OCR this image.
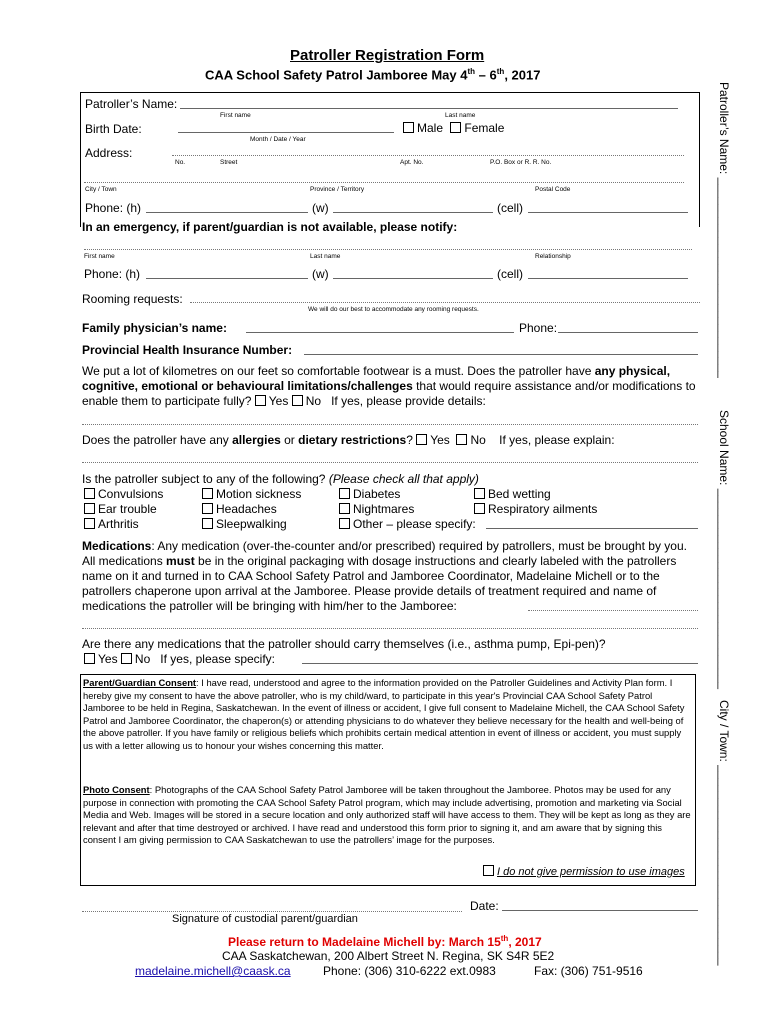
Patroller Registration Form
CAA School Safety Patrol Jamboree May 4th – 6th, 2017
Patroller’s Name: ______________________________
School Name: ______________________________
City / Town: ______________________________
Patroller’s Name:
First name	Last name
Birth Date:	Male Female
Month / Date / Year
Address:
No.	Street	Apt. No.	P.O. Box or R. R. No.
City / Town	Province / Territory	Postal Code
Phone: (h)	(w)	(cell)
In an emergency, if parent/guardian is not available, please notify:
First name	Last name	Relationship
Phone: (h)	(w)	(cell)
Rooming requests:
We will do our best to accommodate any rooming requests.
Family physician’s name:	Phone:
Provincial Health Insurance Number:
We put a lot of kilometres on our feet so comfortable footwear is a must. Does the patroller have any physical, cognitive, emotional or behavioural limitations/challenges that would require assistance and/or modifications to enable them to participate fully? Yes No If yes, please provide details:
Does the patroller have any allergies or dietary restrictions? Yes No If yes, please explain:
Is the patroller subject to any of the following? (Please check all that apply)
Convulsions	Motion sickness	Diabetes	Bed wetting
Ear trouble	Headaches	Nightmares	Respiratory ailments
Arthritis	Sleepwalking	Other – please specify:
Medications: Any medication (over-the-counter and/or prescribed) required by patrollers, must be brought by you. All medications must be in the original packaging with dosage instructions and clearly labeled with the patrollers name on it and turned in to CAA School Safety Patrol and Jamboree Coordinator, Madelaine Michell or to the patrollers chaperone upon arrival at the Jamboree. Please provide details of treatment required and name of medications the patroller will be bringing with him/her to the Jamboree:
Are there any medications that the patroller should carry themselves (i.e., asthma pump, Epi-pen)?
Yes No If yes, please specify:
Parent/Guardian Consent: I have read, understood and agree to the information provided on the Patroller Guidelines and Activity Plan form. I hereby give my consent to have the above patroller, who is my child/ward, to participate in this year's Provincial CAA School Safety Patrol Jamboree to be held in Regina, Saskatchewan. In the event of illness or accident, I give full consent to Madelaine Michell, the CAA School Safety Patrol and Jamboree Coordinator, the chaperon(s) or attending physicians to do whatever they believe necessary for the health and well-being of the above patroller. If you have family or religious beliefs which prohibits certain medical attention in event of illness or accident, you must supply us with a letter allowing us to honour your wishes concerning this matter.
Photo Consent: Photographs of the CAA School Safety Patrol Jamboree will be taken throughout the Jamboree. Photos may be used for any purpose in connection with promoting the CAA School Safety Patrol program, which may include advertising, promotion and marketing via Social Media and Web. Images will be stored in a secure location and only authorized staff will have access to them. They will be kept as long as they are relevant and after that time destroyed or archived. I have read and understood this form prior to signing it, and am aware that by signing this consent I am giving permission to CAA Saskatchewan to use the patrollers’ image for the purposes.
I do not give permission to use images
Date:
Signature of custodial parent/guardian
Please return to Madelaine Michell by: March 15th, 2017
CAA Saskatchewan, 200 Albert Street N. Regina, SK S4R 5E2
madelaine.michell@caask.ca	Phone: (306) 310-6222 ext.0983	Fax: (306) 751-9516
